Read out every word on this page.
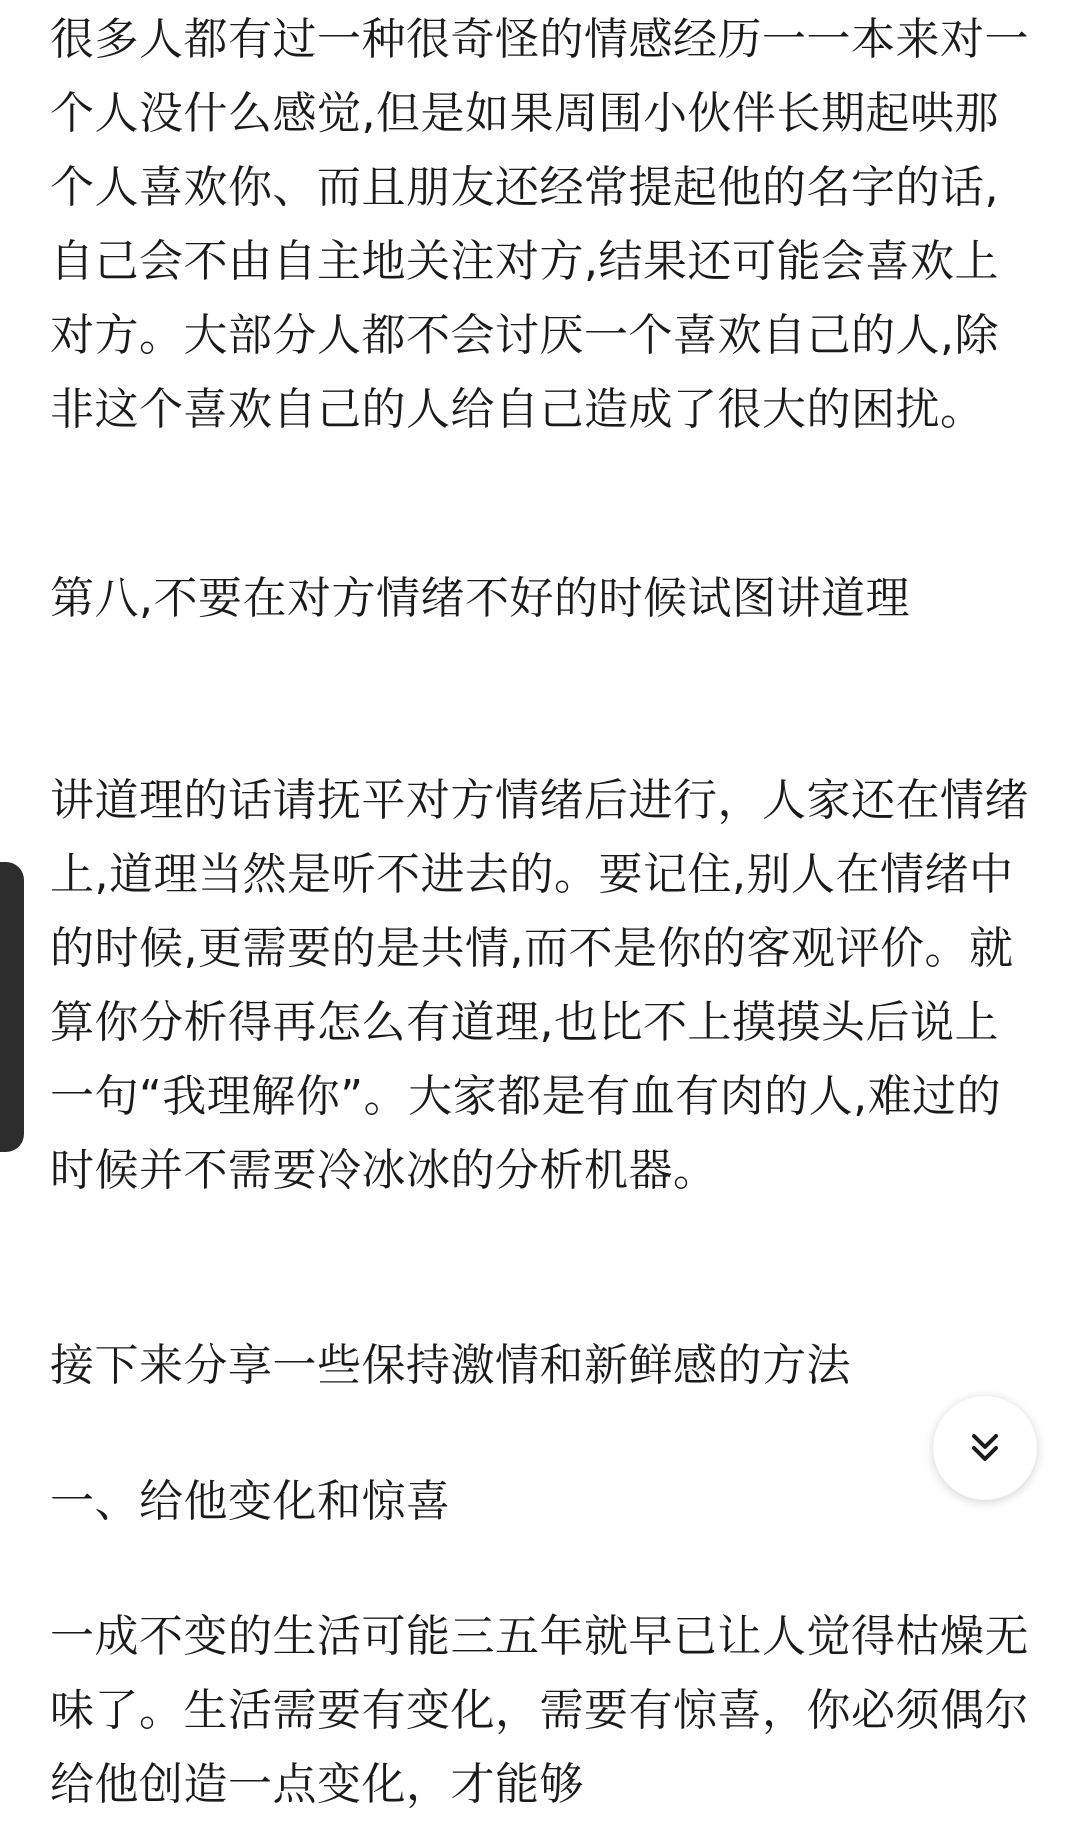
很多人都有过一种很奇怪的情感经历一一本来对一个人没什么感觉,但是如果周围小伙伴长期起哄那个人喜欢你、而且朋友还经常提起他的名字的话,自己会不由自主地关注对方,结果还可能会喜欢上对方。大部分人都不会讨厌一个喜欢自己的人,除非这个喜欢自己的人给自己造成了很大的困扰。

第八,不要在对方情绪不好的时候试图讲道理

讲道理的话请抚平对方情绪后进行，人家还在情绪上,道理当然是听不进去的。要记住,别人在情绪中的时候,更需要的是共情,而不是你的客观评价。就算你分析得再怎么有道理,也比不上摸摸头后说上一句“我理解你”。大家都是有血有肉的人,难过的时候并不需要冷冰冰的分析机器。

接下来分享一些保持激情和新鲜感的方法

一、给他变化和惊喜

一成不变的生活可能三五年就早已让人觉得枯燥无味了。生活需要有变化，需要有惊喜，你必须偶尔给他创造一点变化，才能够
